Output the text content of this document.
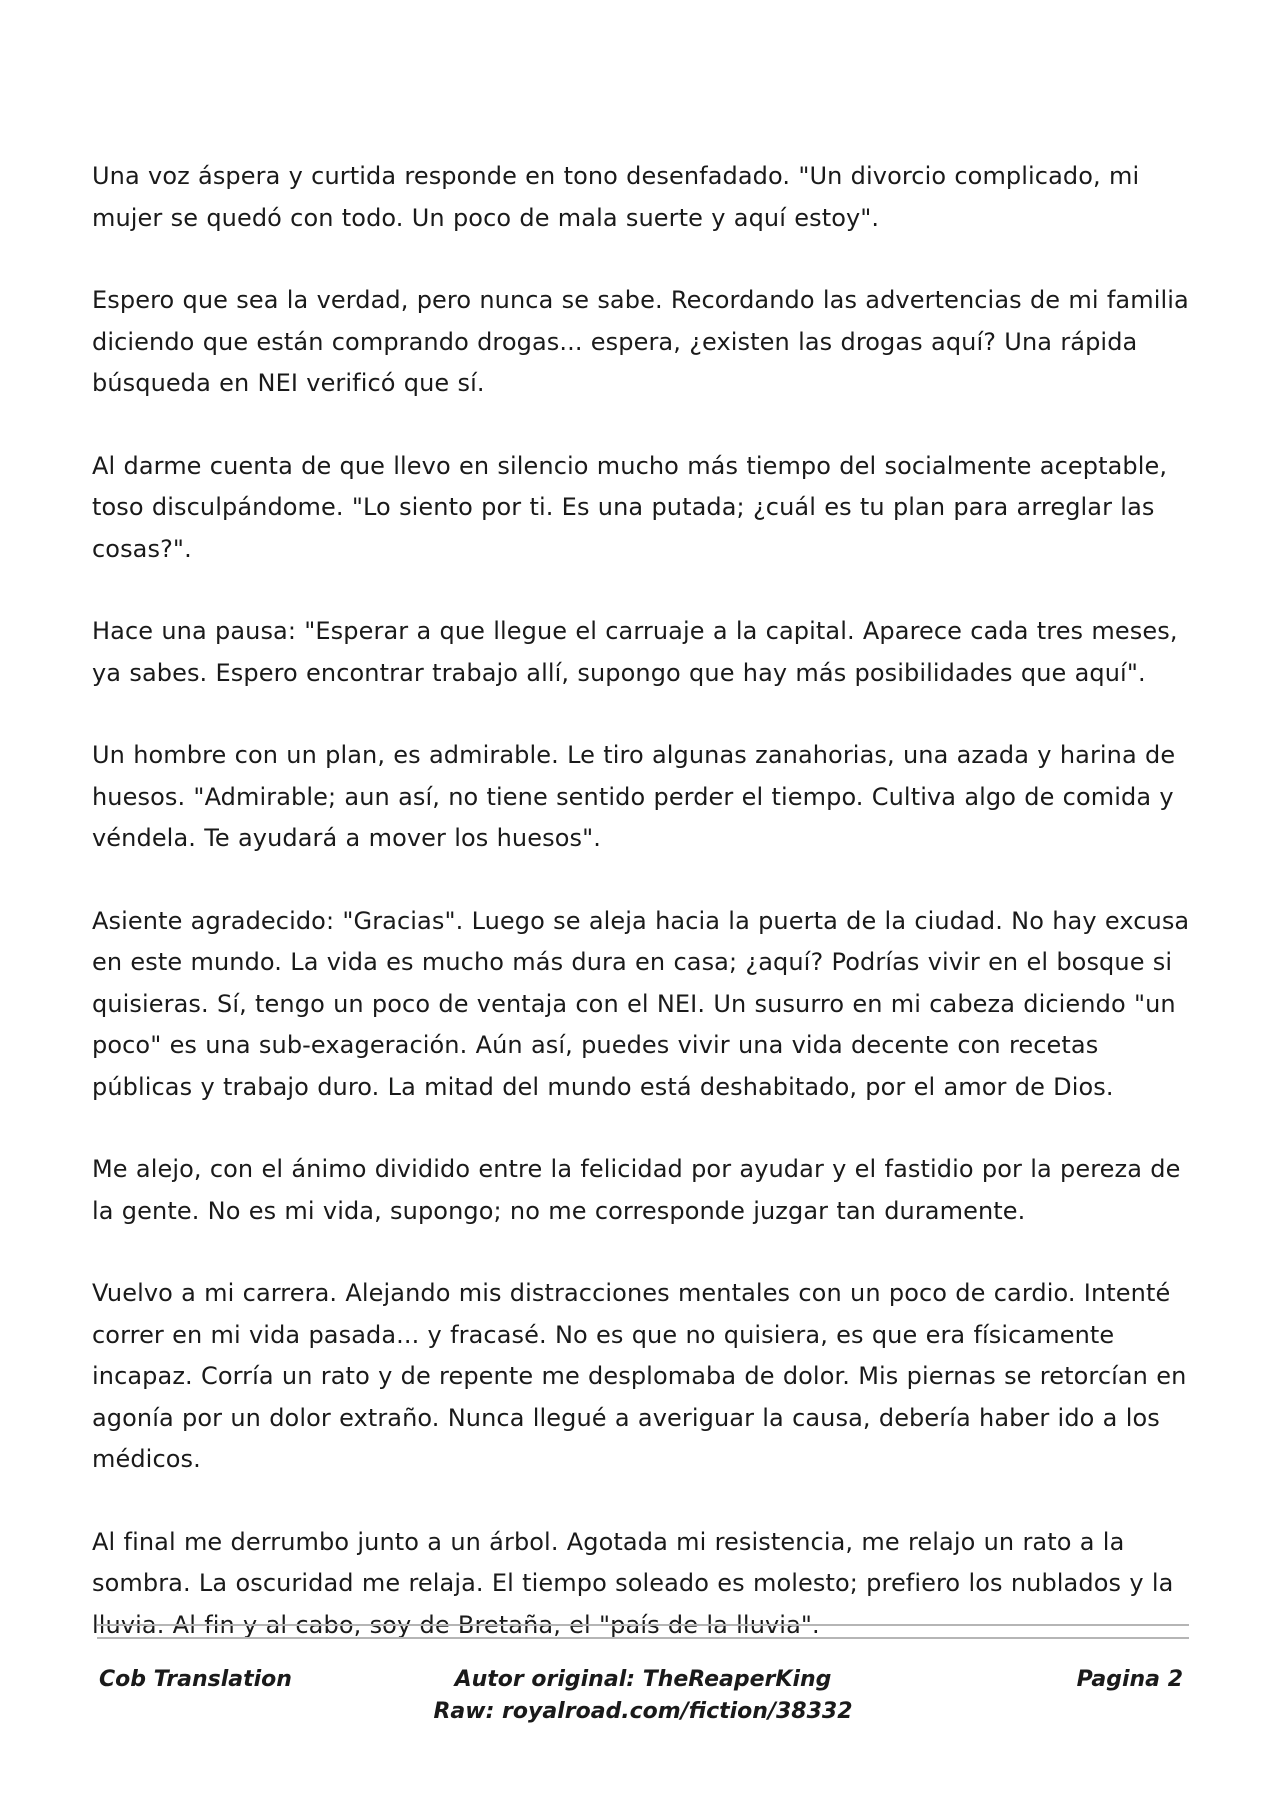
Una voz áspera y curtida responde en tono desenfadado. "Un divorcio complicado, mi mujer se quedó con todo. Un poco de mala suerte y aquí estoy".

Espero que sea la verdad, pero nunca se sabe. Recordando las advertencias de mi familia diciendo que están comprando drogas... espera, ¿existen las drogas aquí? Una rápida búsqueda en NEI verificó que sí.

Al darme cuenta de que llevo en silencio mucho más tiempo del socialmente aceptable, toso disculpándome. "Lo siento por ti. Es una putada; ¿cuál es tu plan para arreglar las cosas?".

Hace una pausa: "Esperar a que llegue el carruaje a la capital. Aparece cada tres meses, ya sabes. Espero encontrar trabajo allí, supongo que hay más posibilidades que aquí".

Un hombre con un plan, es admirable. Le tiro algunas zanahorias, una azada y harina de huesos. "Admirable; aun así, no tiene sentido perder el tiempo. Cultiva algo de comida y véndela. Te ayudará a mover los huesos".

Asiente agradecido: "Gracias". Luego se aleja hacia la puerta de la ciudad. No hay excusa en este mundo. La vida es mucho más dura en casa; ¿aquí? Podrías vivir en el bosque si quisieras. Sí, tengo un poco de ventaja con el NEI. Un susurro en mi cabeza diciendo "un poco" es una sub-exageración. Aún así, puedes vivir una vida decente con recetas públicas y trabajo duro. La mitad del mundo está deshabitado, por el amor de Dios.

Me alejo, con el ánimo dividido entre la felicidad por ayudar y el fastidio por la pereza de la gente. No es mi vida, supongo; no me corresponde juzgar tan duramente.

Vuelvo a mi carrera. Alejando mis distracciones mentales con un poco de cardio. Intenté correr en mi vida pasada... y fracasé. No es que no quisiera, es que era físicamente incapaz. Corría un rato y de repente me desplomaba de dolor. Mis piernas se retorcían en agonía por un dolor extraño. Nunca llegué a averiguar la causa, debería haber ido a los médicos.

Al final me derrumbo junto a un árbol. Agotada mi resistencia, me relajo un rato a la sombra. La oscuridad me relaja. El tiempo soleado es molesto; prefiero los nublados y la lluvia. Al fin y al cabo, soy de Bretaña, el "país de la lluvia".

Cob Translation	Autor original: TheReaperKing
Raw: royalroad.com/fiction/38332
Pagina 2
